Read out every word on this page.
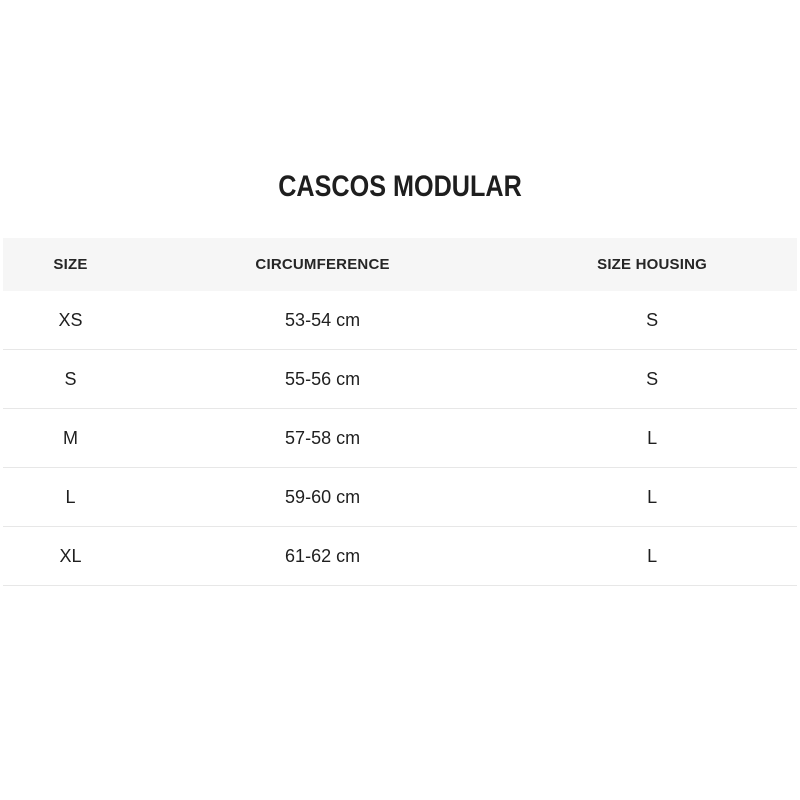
CASCOS MODULAR
SIZE	CIRCUMFERENCE	SIZE HOUSING
XS	53-54 cm	S
S	55-56 cm	S
M	57-58 cm	L
L	59-60 cm	L
XL	61-62 cm	L
